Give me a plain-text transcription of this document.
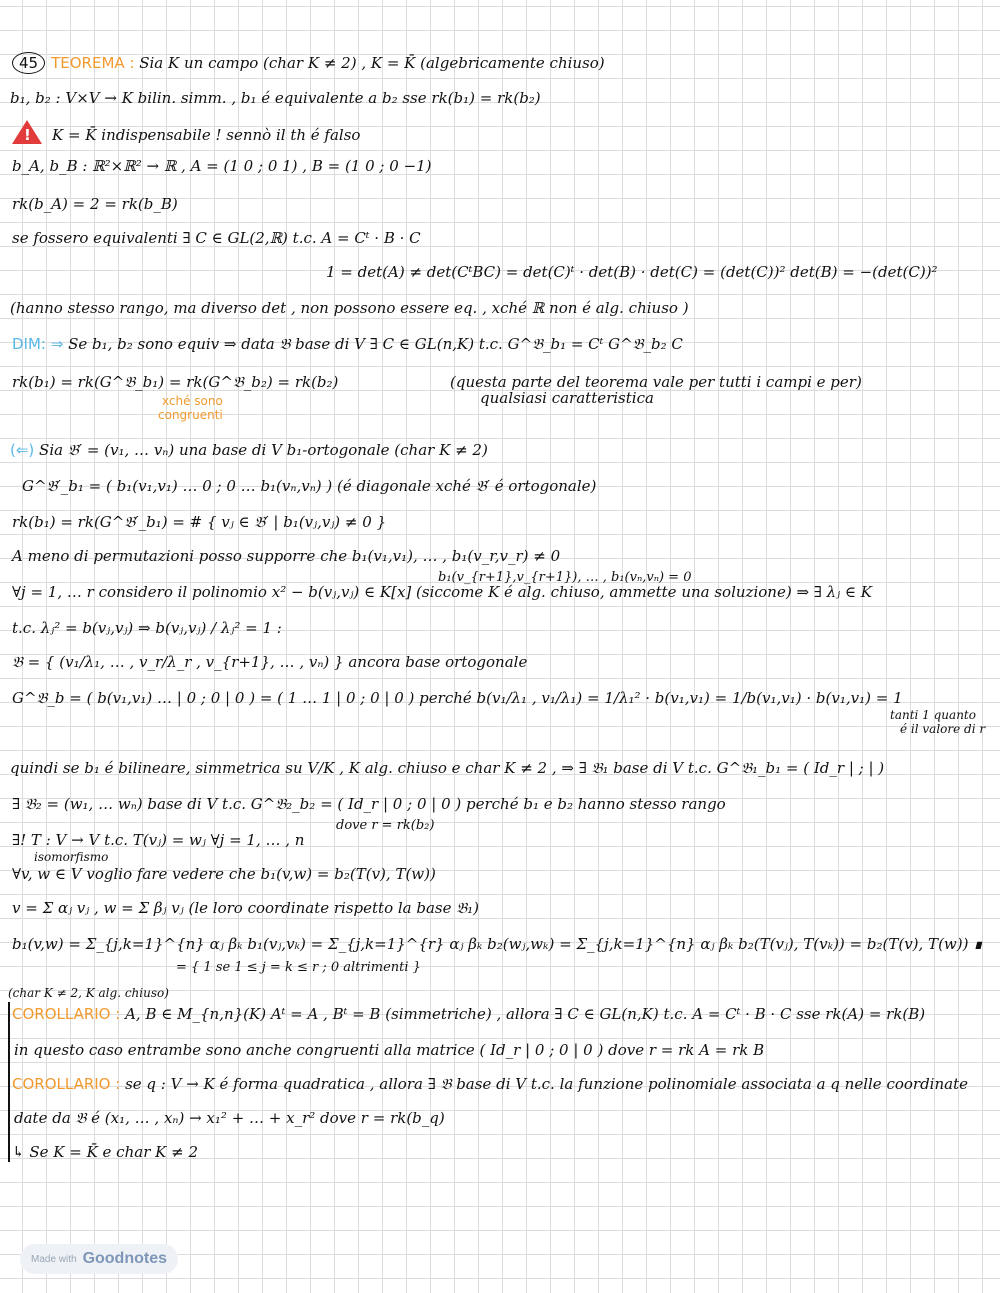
45 TEOREMA : Sia K un campo (char K ≠ 2) , K = K̄ (algebricamente chiuso)
b₁, b₂ : V×V → K bilin. simm. , b₁ é equivalente a b₂ sse rk(b₁) = rk(b₂)
!K = K̄ indispensabile ! sennò il th é falso
b_A, b_B : ℝ²×ℝ² → ℝ , A = (1 0 ; 0 1) , B = (1 0 ; 0 −1)
rk(b_A) = 2 = rk(b_B)
se fossero equivalenti ∃ C ∈ GL(2,ℝ) t.c. A = Cᵗ · B · C
1 = det(A) ≠ det(CᵗBC) = det(C)ᵗ · det(B) · det(C) = (det(C))² det(B) = −(det(C))²
(hanno stesso rango, ma diverso det , non possono essere eq. , xché ℝ non é alg. chiuso )
DIM: ⇒ Se b₁, b₂ sono equiv ⇒ data 𝔅 base di V ∃ C ∈ GL(n,K) t.c. G^𝔅_b₁ = Cᵗ G^𝔅_b₂ C
rk(b₁) = rk(G^𝔅_b₁) = rk(G^𝔅_b₂) = rk(b₂)	(questa parte del teorema vale per tutti i campi e per)
qualsiasi caratteristica
xché sono
congruenti
(⇐) Sia 𝔅′ = (v₁, … vₙ) una base di V b₁-ortogonale (char K ≠ 2)
G^𝔅′_b₁ = ( b₁(v₁,v₁) … 0 ; 0 … b₁(vₙ,vₙ) ) (é diagonale xché 𝔅′ é ortogonale)
rk(b₁) = rk(G^𝔅′_b₁) = # { vⱼ ∈ 𝔅′ | b₁(vⱼ,vⱼ) ≠ 0 }
A meno di permutazioni posso supporre che b₁(v₁,v₁), … , b₁(v_r,v_r) ≠ 0
b₁(v_{r+1},v_{r+1}), … , b₁(vₙ,vₙ) = 0
∀j = 1, … r considero il polinomio x² − b(vⱼ,vⱼ) ∈ K[x] (siccome K é alg. chiuso, ammette una soluzione) ⇒ ∃ λⱼ ∈ K
t.c. λⱼ² = b(vⱼ,vⱼ) ⇒ b(vⱼ,vⱼ) / λⱼ² = 1 :
𝔅 = { (v₁/λ₁, … , v_r/λ_r , v_{r+1}, … , vₙ) } ancora base ortogonale
G^𝔅_b = ( b(v₁,v₁) … | 0 ; 0 | 0 ) = ( 1 … 1 | 0 ; 0 | 0 ) perché b(v₁/λ₁ , v₁/λ₁) = 1/λ₁² · b(v₁,v₁) = 1/b(v₁,v₁) · b(v₁,v₁) = 1
tanti 1 quanto
é il valore di r
quindi se b₁ é bilineare, simmetrica su V/K , K alg. chiuso e char K ≠ 2 , ⇒ ∃ 𝔅₁ base di V t.c. G^𝔅₁_b₁ = ( Id_r | ; | )
∃ 𝔅₂ = (w₁, … wₙ) base di V t.c. G^𝔅₂_b₂ = ( Id_r | 0 ; 0 | 0 ) perché b₁ e b₂ hanno stesso rango
dove r = rk(b₂)
∃! T : V → V t.c. T(vⱼ) = wⱼ ∀j = 1, … , n
isomorfismo
∀v, w ∈ V voglio fare vedere che b₁(v,w) = b₂(T(v), T(w))
v = Σ αⱼ vⱼ , w = Σ βⱼ vⱼ (le loro coordinate rispetto la base 𝔅₁)
b₁(v,w) = Σ_{j,k=1}^{n} αⱼ βₖ b₁(vⱼ,vₖ) = Σ_{j,k=1}^{r} αⱼ βₖ b₂(wⱼ,wₖ) = Σ_{j,k=1}^{n} αⱼ βₖ b₂(T(vⱼ), T(vₖ)) = b₂(T(v), T(w)) ∎
= { 1 se 1 ≤ j = k ≤ r ; 0 altrimenti }
(char K ≠ 2, K alg. chiuso)
COROLLARIO : A, B ∈ M_{n,n}(K) Aᵗ = A , Bᵗ = B (simmetriche) , allora ∃ C ∈ GL(n,K) t.c. A = Cᵗ · B · C sse rk(A) = rk(B)
in questo caso entrambe sono anche congruenti alla matrice ( Id_r | 0 ; 0 | 0 ) dove r = rk A = rk B
COROLLARIO : se q : V → K é forma quadratica , allora ∃ 𝔅 base di V t.c. la funzione polinomiale associata a q nelle coordinate
date da 𝔅 é (x₁, … , xₙ) → x₁² + … + x_r² dove r = rk(b_q)
↳ Se K = K̄ e char K ≠ 2
Made with Goodnotes
